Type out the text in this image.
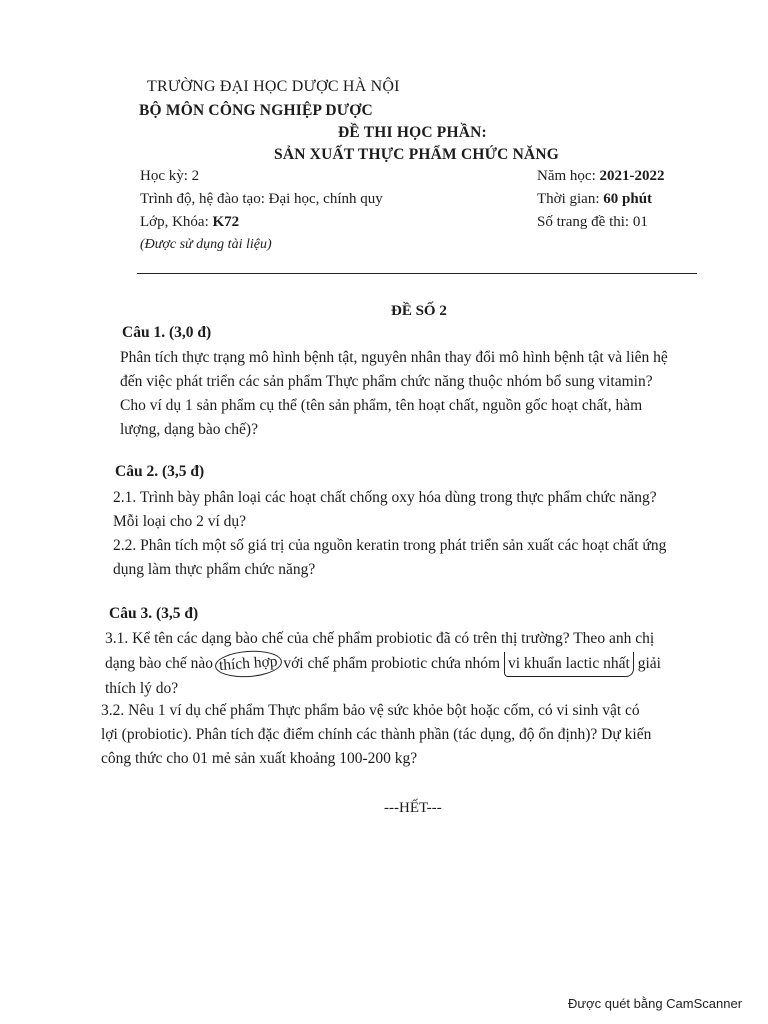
TRƯỜNG ĐẠI HỌC DƯỢC HÀ NỘI
BỘ MÔN CÔNG NGHIỆP DƯỢC
ĐỀ THI HỌC PHẦN:
SẢN XUẤT THỰC PHẨM CHỨC NĂNG
Học kỳ: 2
Trình độ, hệ đào tạo: Đại học, chính quy
Lớp, Khóa: K72
(Được sử dụng tài liệu)
Năm học: 2021-2022
Thời gian: 60 phút
Số trang đề thi: 01
ĐỀ SỐ 2
Câu 1. (3,0 đ)

Phân tích thực trạng mô hình bệnh tật, nguyên nhân thay đổi mô hình bệnh tật và liên hệ

đến việc phát triển các sản phẩm Thực phẩm chức năng thuộc nhóm bổ sung vitamin?

Cho ví dụ 1 sản phẩm cụ thể (tên sản phẩm, tên hoạt chất, nguồn gốc hoạt chất, hàm

lượng, dạng bào chế)?

Câu 2. (3,5 đ)

2.1. Trình bày phân loại các hoạt chất chống oxy hóa dùng trong thực phẩm chức năng?

Mỗi loại cho 2 ví dụ?

2.2. Phân tích một số giá trị của nguồn keratin trong phát triển sản xuất các hoạt chất ứng

dụng làm thực phẩm chức năng?

Câu 3. (3,5 đ)

3.1. Kể tên các dạng bào chế của chế phẩm probiotic đã có trên thị trường? Theo anh chị

dạng bào chế nào thích hợp với chế phẩm probiotic chứa nhóm vi khuẩn lactic nhất giải

thích lý do?

3.2. Nêu 1 ví dụ chế phẩm Thực phẩm bảo vệ sức khỏe bột hoặc cốm, có vi sinh vật có

lợi (probiotic). Phân tích đặc điểm chính các thành phần (tác dụng, độ ổn định)? Dự kiến

công thức cho 01 mẻ sản xuất khoảng 100-200 kg?

---HẾT---
Được quét bằng CamScanner
